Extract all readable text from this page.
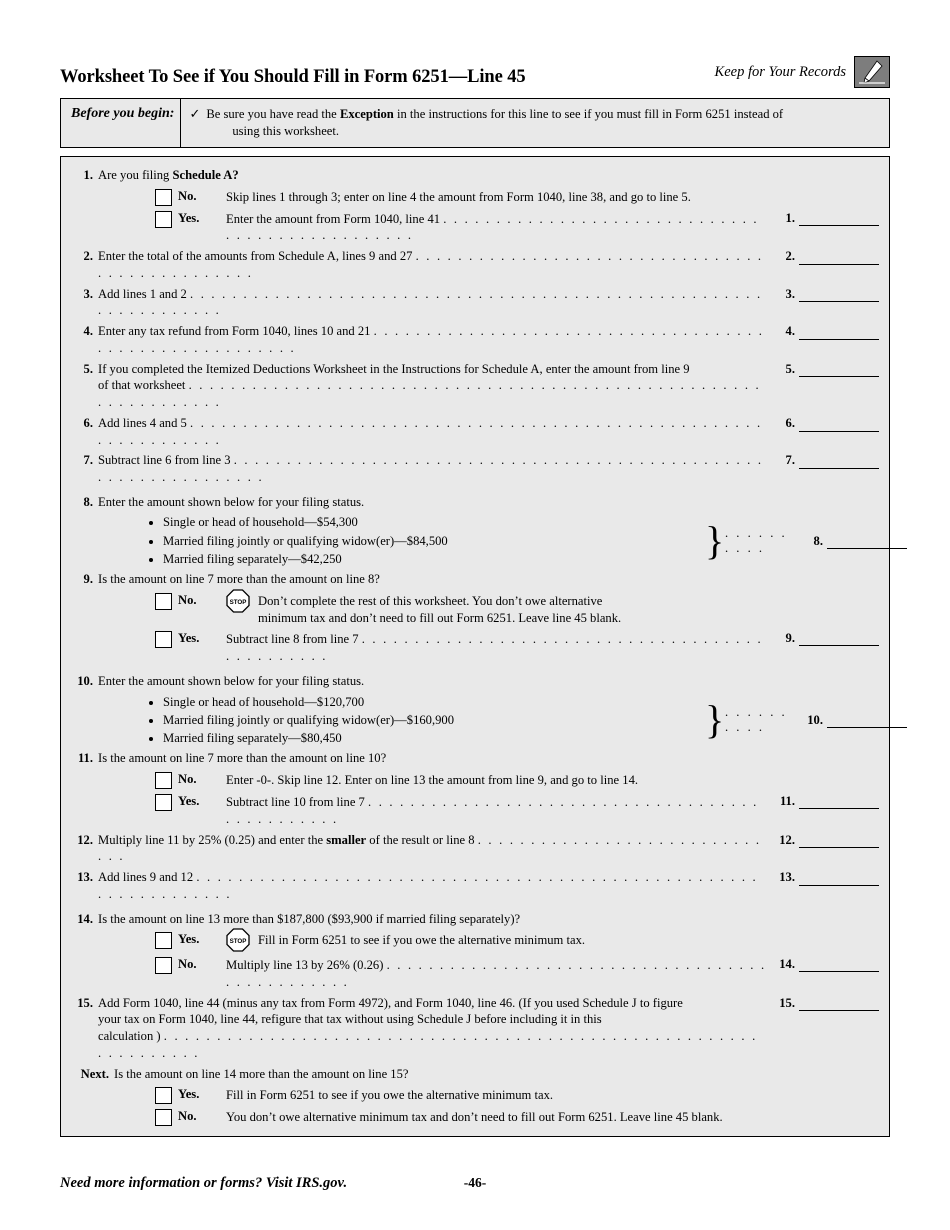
Worksheet To See if You Should Fill in Form 6251—Line 45	Keep for Your Records
Before you begin:	✓ Be sure you have read the Exception in the instructions for this line to see if you must fill in Form 6251 instead of
using this worksheet.
1. Are you filing Schedule A?
No.	Skip lines 1 through 3; enter on line 4 the amount from Form 1040, line 38, and go to line 5.
Yes.	Enter the amount from Form 1040, line 41 . . . . . . . . . . . . . . . . . . . . . . . . . . . . . . . . . . . . . . . . . . . . . . . .
1.
2. Enter the total of the amounts from Schedule A, lines 9 and 27 . . . . . . . . . . . . . . . . . . . . . . . . . . . . . . . . . . . . . . . . . . . . . . . .
2.
3. Add lines 1 and 2 . . . . . . . . . . . . . . . . . . . . . . . . . . . . . . . . . . . . . . . . . . . . . . . . . . . . . . . . . . . . . . . . . .
3.
4. Enter any tax refund from Form 1040, lines 10 and 21 . . . . . . . . . . . . . . . . . . . . . . . . . . . . . . . . . . . . . . . . . . . . . . . . . . . . . . . .
4.
5. If you completed the Itemized Deductions Worksheet in the Instructions for Schedule A, enter the amount from line 9
of that worksheet . . . . . . . . . . . . . . . . . . . . . . . . . . . . . . . . . . . . . . . . . . . . . . . . . . . . . . . . . . . . . . . . . .
5.
6. Add lines 4 and 5 . . . . . . . . . . . . . . . . . . . . . . . . . . . . . . . . . . . . . . . . . . . . . . . . . . . . . . . . . . . . . . . . . .
6.
7. Subtract line 6 from line 3 . . . . . . . . . . . . . . . . . . . . . . . . . . . . . . . . . . . . . . . . . . . . . . . . . . . . . . . . . . . . . . . . . .
7.
8. Enter the amount shown below for your filing status.
• Single or head of household—$54,300
• Married filing jointly or qualifying widow(er)—$84,500
• Married filing separately—$42,250	} . . . . . . . . . .	8.
9. Is the amount on line 7 more than the amount on line 8?
No.	STOP Don’t complete the rest of this worksheet. You don’t owe alternative
minimum tax and don’t need to fill out Form 6251. Leave line 45 blank.
Yes.	Subtract line 8 from line 7 . . . . . . . . . . . . . . . . . . . . . . . . . . . . . . . . . . . . . . . . . . . . . . . .
9.
10. Enter the amount shown below for your filing status.
• Single or head of household—$120,700
• Married filing jointly or qualifying widow(er)—$160,900
• Married filing separately—$80,450	} . . . . . . . . . .	10.
11. Is the amount on line 7 more than the amount on line 10?
No.	Enter -0-. Skip line 12. Enter on line 13 the amount from line 9, and go to line 14.
Yes.	Subtract line 10 from line 7 . . . . . . . . . . . . . . . . . . . . . . . . . . . . . . . . . . . . . . . . . . . . . . . .
11.
12. Multiply line 11 by 25% (0.25) and enter the smaller of the result or line 8 . . . . . . . . . . . . . . . . . . . . . . . . . . . . . .
12.
13. Add lines 9 and 12 . . . . . . . . . . . . . . . . . . . . . . . . . . . . . . . . . . . . . . . . . . . . . . . . . . . . . . . . . . . . . . . . . .
13.
14. Is the amount on line 13 more than $187,800 ($93,900 if married filing separately)?
Yes.	STOP Fill in Form 6251 to see if you owe the alternative minimum tax.
No.	Multiply line 13 by 26% (0.26) . . . . . . . . . . . . . . . . . . . . . . . . . . . . . . . . . . . . . . . . . . . . . . . .
14.
15. Add Form 1040, line 44 (minus any tax from Form 4972), and Form 1040, line 46. (If you used Schedule J to figure
your tax on Form 1040, line 44, refigure that tax without using Schedule J before including it in this
calculation ) . . . . . . . . . . . . . . . . . . . . . . . . . . . . . . . . . . . . . . . . . . . . . . . . . . . . . . . . . . . . . . . . . .
15.
Next. Is the amount on line 14 more than the amount on line 15?
Yes.	Fill in Form 6251 to see if you owe the alternative minimum tax.
No.	You don’t owe alternative minimum tax and don’t need to fill out Form 6251. Leave line 45 blank.
Need more information or forms? Visit IRS.gov.	-46-
